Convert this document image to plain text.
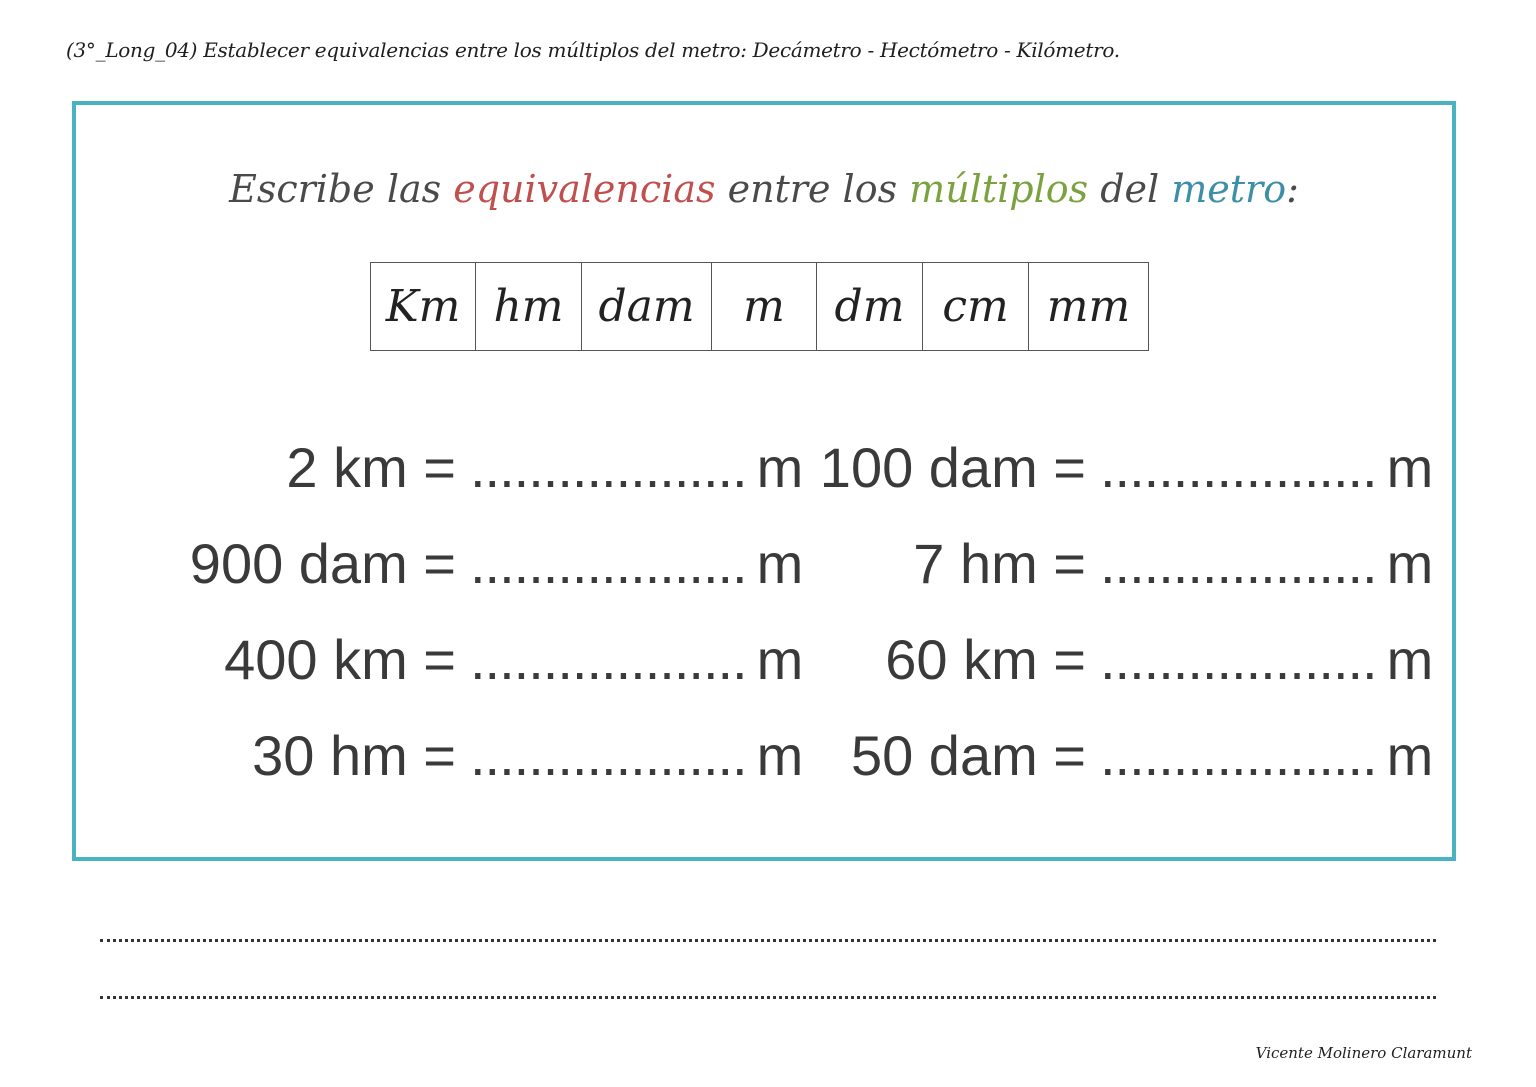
(3°_Long_04) Establecer equivalencias entre los múltiplos del metro: Decámetro - Hectómetro - Kilómetro.
Escribe las equivalencias entre los múltiplos del metro:
Km	hm	dam	m	dm	cm	mm
2 km = ................... m
900 dam = ................... m
400 km = ................... m
30 hm = ................... m
100 dam = ................... m
7 hm = ................... m
60 km = ................... m
50 dam = ................... m
Vicente Molinero Claramunt
